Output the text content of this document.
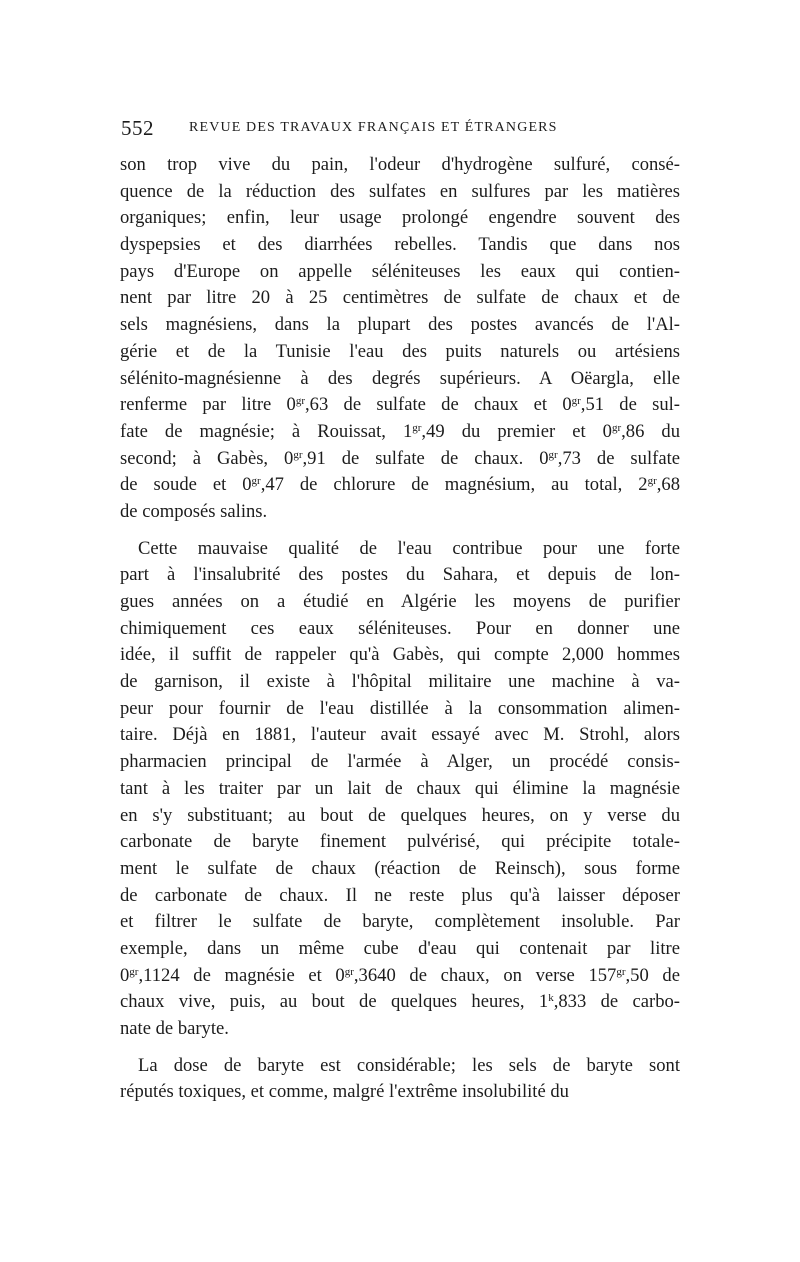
552	REVUE DES TRAVAUX FRANÇAIS ET ÉTRANGERS
son trop vive du pain, l'odeur d'hydrogène sulfuré, consé-
quence de la réduction des sulfates en sulfures par les matières
organiques; enfin, leur usage prolongé engendre souvent des
dyspepsies et des diarrhées rebelles. Tandis que dans nos
pays d'Europe on appelle séléniteuses les eaux qui contien-
nent par litre 20 à 25 centimètres de sulfate de chaux et de
sels magnésiens, dans la plupart des postes avancés de l'Al-
gérie et de la Tunisie l'eau des puits naturels ou artésiens
sélénito-magnésienne à des degrés supérieurs. A Oëargla, elle
renferme par litre $0^{gr},63$ de sulfate de chaux et $0^{gr},51$ de sul-
fate de magnésie; à Rouissat, $1^{gr},49$ du premier et $0^{gr},86$ du
second; à Gabès, $0^{gr},91$ de sulfate de chaux. $0^{gr},73$ de sulfate
de soude et $0^{gr},47$ de chlorure de magnésium, au total, $2^{gr},68$
de composés salins.
Cette mauvaise qualité de l'eau contribue pour une forte
part à l'insalubrité des postes du Sahara, et depuis de lon-
gues années on a étudié en Algérie les moyens de purifier
chimiquement ces eaux séléniteuses. Pour en donner une
idée, il suffit de rappeler qu'à Gabès, qui compte 2,000 hommes
de garnison, il existe à l'hôpital militaire une machine à va-
peur pour fournir de l'eau distillée à la consommation alimen-
taire. Déjà en 1881, l'auteur avait essayé avec M. Strohl, alors
pharmacien principal de l'armée à Alger, un procédé consis-
tant à les traiter par un lait de chaux qui élimine la magnésie
en s'y substituant; au bout de quelques heures, on y verse du
carbonate de baryte finement pulvérisé, qui précipite totale-
ment le sulfate de chaux (réaction de Reinsch), sous forme
de carbonate de chaux. Il ne reste plus qu'à laisser déposer
et filtrer le sulfate de baryte, complètement insoluble. Par
exemple, dans un même cube d'eau qui contenait par litre
$0^{gr},1124$ de magnésie et $0^{gr},3640$ de chaux, on verse $157^{gr},50$ de
chaux vive, puis, au bout de quelques heures, 1$^k$,833 de carbo-
nate de baryte.
La dose de baryte est considérable; les sels de baryte sont
réputés toxiques, et comme, malgré l'extrême insolubilité du
